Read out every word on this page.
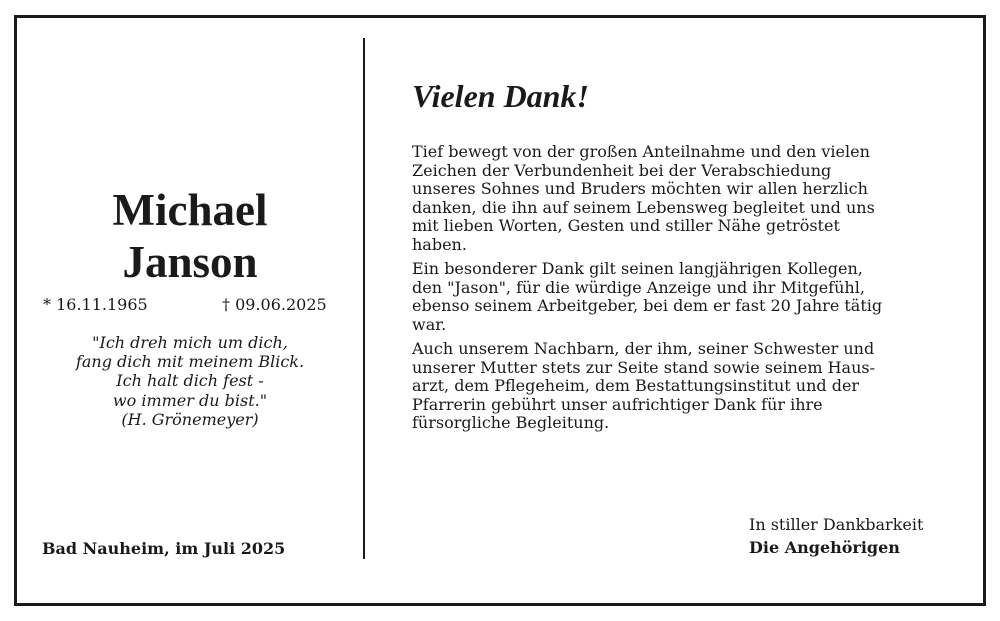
Michael
Janson
* 16.11.1965	† 09.06.2025
"Ich dreh mich um dich,
fang dich mit meinem Blick.
Ich halt dich fest -
wo immer du bist."
(H. Grönemeyer)
Bad Nauheim, im Juli 2025
Vielen Dank!
Tief bewegt von der großen Anteilnahme und den vielen
Zeichen der Verbundenheit bei der Verabschiedung
unseres Sohnes und Bruders möchten wir allen herzlich
danken, die ihn auf seinem Lebensweg begleitet und uns
mit lieben Worten, Gesten und stiller Nähe getröstet
haben.
Ein besonderer Dank gilt seinen langjährigen Kollegen,
den "Jason", für die würdige Anzeige und ihr Mitgefühl,
ebenso seinem Arbeitgeber, bei dem er fast 20 Jahre tätig
war.
Auch unserem Nachbarn, der ihm, seiner Schwester und
unserer Mutter stets zur Seite stand sowie seinem Haus-
arzt, dem Pflegeheim, dem Bestattungsinstitut und der
Pfarrerin gebührt unser aufrichtiger Dank für ihre
fürsorgliche Begleitung.
In stiller Dankbarkeit
Die Angehörigen
